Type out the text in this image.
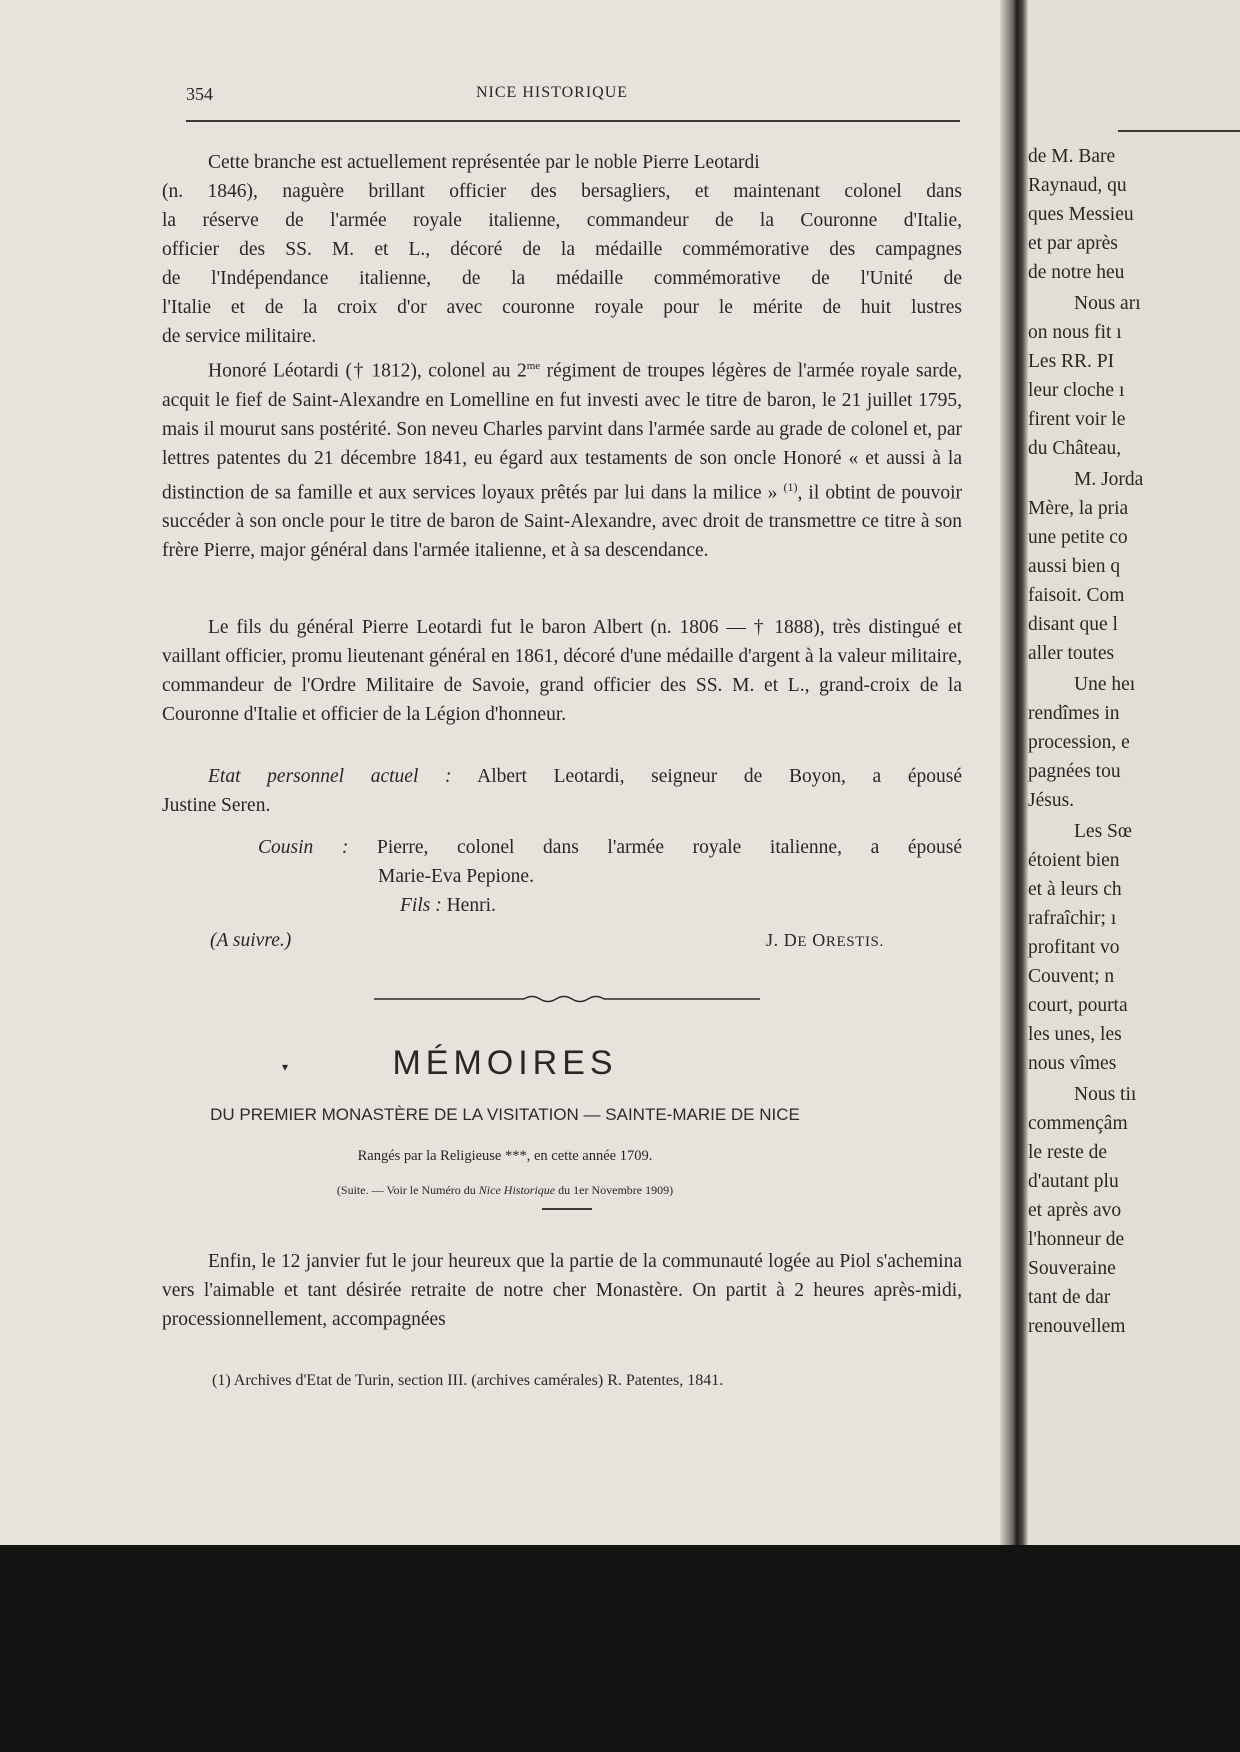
de M. Bare
Raynaud, qu
ques Messieu
et par après
de notre heu
Nous arı
on nous fit ı
Les RR. PI
leur cloche ı
firent voir le
du Château,
M. Jorda
Mère, la pria
une petite co
aussi bien q
faisoit. Com
disant que l
aller toutes
Une heı
rendîmes in
procession, e
pagnées tou
Jésus.
Les Sœ
étoient bien
et à leurs ch
rafraîchir; ı
profitant vo
Couvent; n
court, pourta
les unes, les
nous vîmes
Nous tiı
commençâm
le reste de
d'autant plu
et après avo
l'honneur de
Souveraine
tant de dar
renouvellem
354	NICE HISTORIQUE

Cette branche est actuellement représentée par le noble Pierre Leotardi

(n. 1846), naguère brillant officier des bersagliers, et maintenant colonel dans
la réserve de l'armée royale italienne, commandeur de la Couronne d'Italie,
officier des SS. M. et L., décoré de la médaille commémorative des campagnes
de l'Indépendance italienne, de la médaille commémorative de l'Unité de
l'Italie et de la croix d'or avec couronne royale pour le mérite de huit lustres
de service militaire.

Honoré Léotardi († 1812), colonel au $2^{me}$ régiment de troupes légères de l'armée royale sarde, acquit le fief de Saint-Alexandre en Lomelline en fut investi avec le titre de baron, le 21 juillet 1795, mais il mourut sans postérité. Son neveu Charles parvint dans l'armée sarde au grade de colonel et, par lettres patentes du 21 décembre 1841, eu égard aux testaments de son oncle Honoré « et aussi à la distinction de sa famille et aux services loyaux prêtés par lui dans la milice » $^{(1)}$, il obtint de pouvoir succéder à son oncle pour le titre de baron de Saint-Alexandre, avec droit de transmettre ce titre à son frère Pierre, major général dans l'armée italienne, et à sa descendance.

Le fils du général Pierre Leotardi fut le baron Albert (n. 1806 — † 1888), très distingué et vaillant officier, promu lieutenant général en 1861, décoré d'une médaille d'argent à la valeur militaire, commandeur de l'Ordre Militaire de Savoie, grand officier des SS. M. et L., grand-croix de la Couronne d'Italie et officier de la Légion d'honneur.

Etat personnel actuel : Albert Leotardi, seigneur de Boyon, a épousé
Justine Seren.
Cousin : Pierre, colonel dans l'armée royale italienne, a épousé
Marie-Eva Pepione.
Fils : Henri.
(A suivre.)	J. DE ORESTIS.
MÉMOIRES
DU PREMIER MONASTÈRE DE LA VISITATION — SAINTE-MARIE DE NICE
Rangés par la Religieuse ***, en cette année 1709.
(Suite. — Voir le Numéro du Nice Historique du 1er Novembre 1909)

Enfin, le 12 janvier fut le jour heureux que la partie de la communauté logée au Piol s'achemina vers l'aimable et tant désirée retraite de notre cher Monastère. On partit à 2 heures après-midi, processionnellement, accompagnées

(1) Archives d'Etat de Turin, section III. (archives camérales) R. Patentes, 1841.
▾
